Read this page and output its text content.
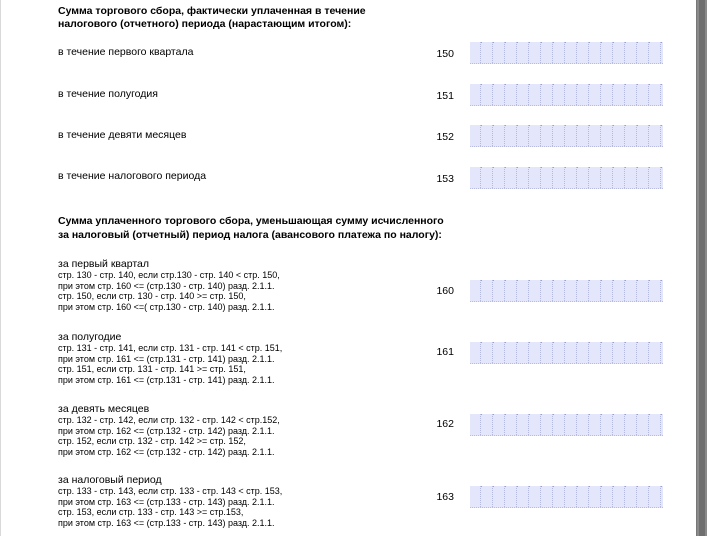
Сумма торгового сбора, фактически уплаченная в течение
налогового (отчетного) периода (нарастающим итогом):
в течение первого квартала	150
в течение полугодия	151
в течение девяти месяцев	152
в течение налогового периода	153
Сумма уплаченного торгового сбора, уменьшающая сумму исчисленного
за налоговый (отчетный) период налога (авансового платежа по налогу):
за первый квартал
стр. 130 - стр. 140, если стр.130 - стр. 140 < стр. 150,
при этом стр. 160 <= (стр.130 - стр. 140) разд. 2.1.1.
стр. 150, если стр. 130 - стр. 140 >= стр. 150,
при этом стр. 160 <=( стр.130 - стр. 140) разд. 2.1.1.
160
за полугодие
стр. 131 - стр. 141, если стр. 131 - стр. 141 < стр. 151,
при этом стр. 161 <= (стр.131 - стр. 141) разд. 2.1.1.
стр. 151, если стр. 131 - стр. 141 >= стр. 151,
при этом стр. 161 <= (стр.131 - стр. 141) разд. 2.1.1.
161
за девять месяцев
стр. 132 - стр. 142, если стр. 132 - стр. 142 < стр.152,
при этом стр. 162 <= (стр.132 - стр. 142) разд. 2.1.1.
стр. 152, если стр. 132 - стр. 142 >= стр. 152,
при этом стр. 162 <= (стр.132 - стр. 142) разд. 2.1.1.
162
за налоговый период
стр. 133 - стр. 143, если стр. 133 - стр. 143 < стр. 153,
при этом стр. 163 <= (стр.133 - стр. 143) разд. 2.1.1.
стр. 153, если стр. 133 - стр. 143 >= стр.153,
при этом стр. 163 <= (стр.133 - стр. 143) разд. 2.1.1.
163
